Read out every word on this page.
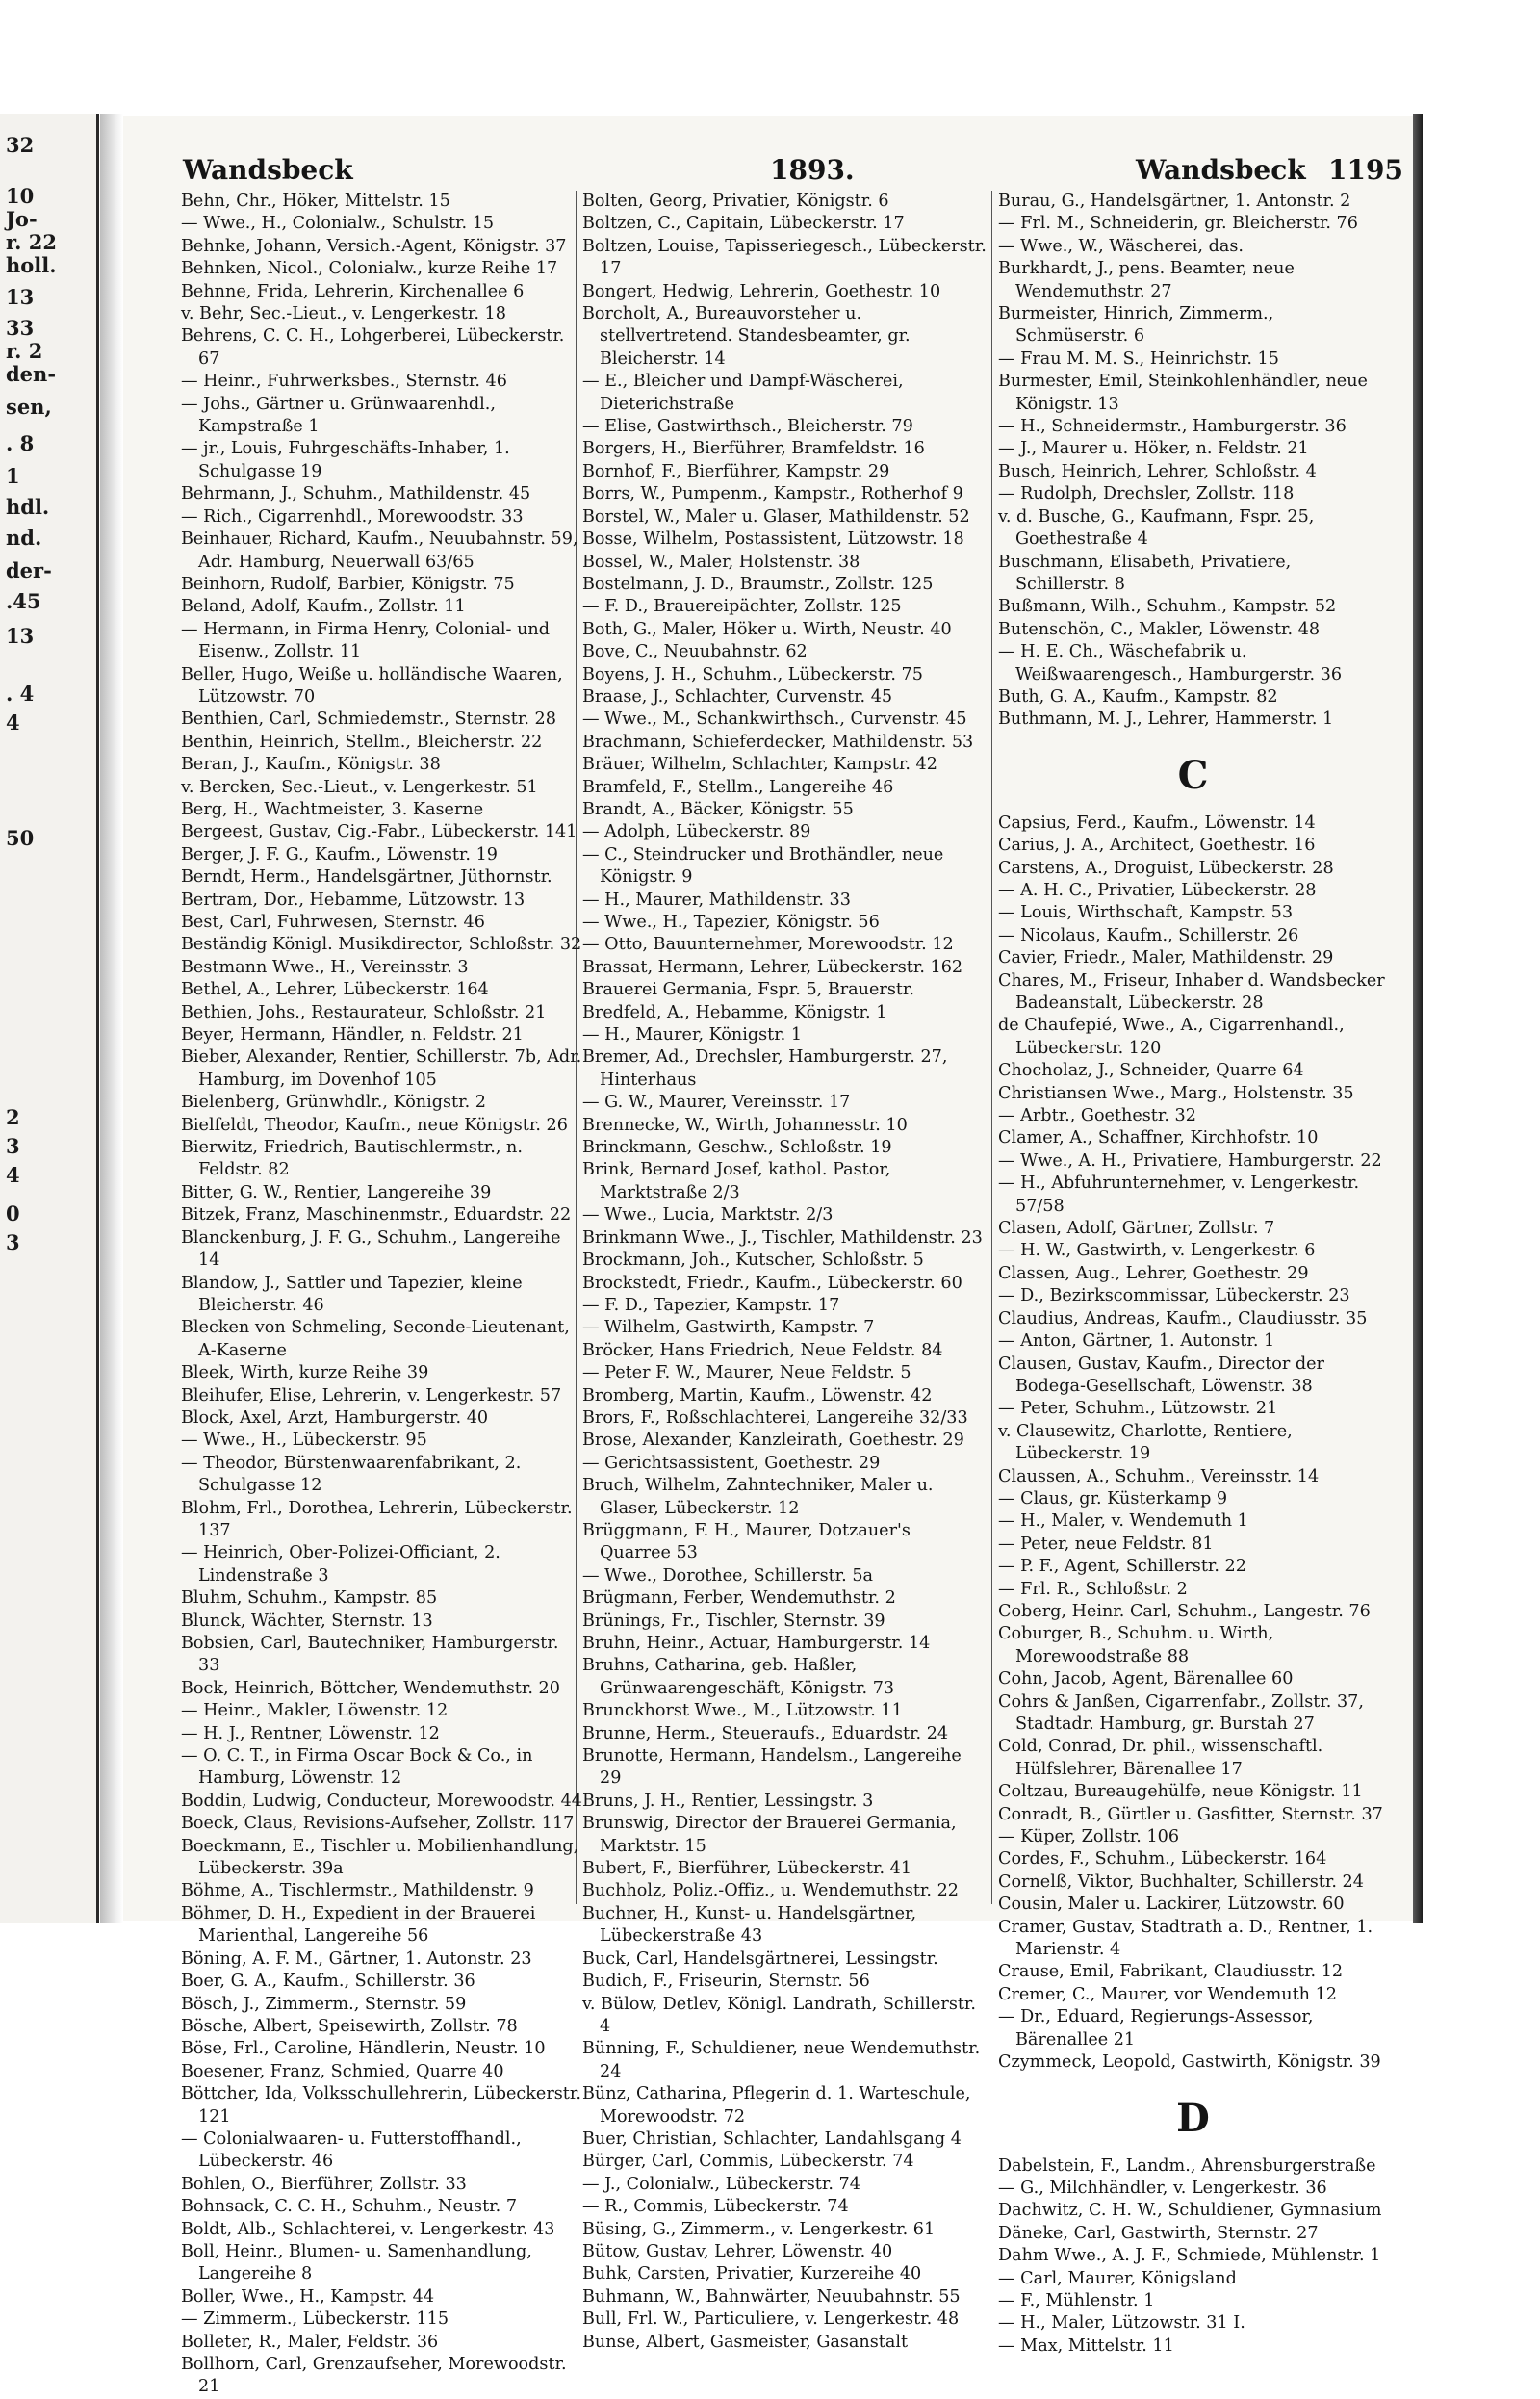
32
10
Jo-
r. 22
holl.
13
33
r. 2
den-
sen,
. 8
1
hdl.
nd.
der-
.45
13
. 4
4
50
2
3
4
0
3
Wandsbeck	1893.	Wandsbeck 1195
Behn, Chr., Höker, Mittelstr. 15
— Wwe., H., Colonialw., Schulstr. 15
Behnke, Johann, Versich.-Agent, Königstr. 37
Behnken, Nicol., Colonialw., kurze Reihe 17
Behnne, Frida, Lehrerin, Kirchenallee 6
v. Behr, Sec.-Lieut., v. Lengerkestr. 18
Behrens, C. C. H., Lohgerberei, Lübeckerstr. 67
— Heinr., Fuhrwerksbes., Sternstr. 46
— Johs., Gärtner u. Grünwaarenhdl., Kampstraße 1
— jr., Louis, Fuhrgeschäfts-Inhaber, 1. Schulgasse 19
Behrmann, J., Schuhm., Mathildenstr. 45
— Rich., Cigarrenhdl., Morewoodstr. 33
Beinhauer, Richard, Kaufm., Neuubahnstr. 59, Adr. Hamburg, Neuerwall 63/65
Beinhorn, Rudolf, Barbier, Königstr. 75
Beland, Adolf, Kaufm., Zollstr. 11
— Hermann, in Firma Henry, Colonial- und Eisenw., Zollstr. 11
Beller, Hugo, Weiße u. holländische Waaren, Lützowstr. 70
Benthien, Carl, Schmiedemstr., Sternstr. 28
Benthin, Heinrich, Stellm., Bleicherstr. 22
Beran, J., Kaufm., Königstr. 38
v. Bercken, Sec.-Lieut., v. Lengerkestr. 51
Berg, H., Wachtmeister, 3. Kaserne
Bergeest, Gustav, Cig.-Fabr., Lübeckerstr. 141
Berger, J. F. G., Kaufm., Löwenstr. 19
Berndt, Herm., Handelsgärtner, Jüthornstr.
Bertram, Dor., Hebamme, Lützowstr. 13
Best, Carl, Fuhrwesen, Sternstr. 46
Beständig Königl. Musikdirector, Schloßstr. 32
Bestmann Wwe., H., Vereinsstr. 3
Bethel, A., Lehrer, Lübeckerstr. 164
Bethien, Johs., Restaurateur, Schloßstr. 21
Beyer, Hermann, Händler, n. Feldstr. 21
Bieber, Alexander, Rentier, Schillerstr. 7b, Adr. Hamburg, im Dovenhof 105
Bielenberg, Grünwhdlr., Königstr. 2
Bielfeldt, Theodor, Kaufm., neue Königstr. 26
Bierwitz, Friedrich, Bautischlermstr., n. Feldstr. 82
Bitter, G. W., Rentier, Langereihe 39
Bitzek, Franz, Maschinenmstr., Eduardstr. 22
Blanckenburg, J. F. G., Schuhm., Langereihe 14
Blandow, J., Sattler und Tapezier, kleine Bleicherstr. 46
Blecken von Schmeling, Seconde-Lieutenant, A-Kaserne
Bleek, Wirth, kurze Reihe 39
Bleihufer, Elise, Lehrerin, v. Lengerkestr. 57
Block, Axel, Arzt, Hamburgerstr. 40
— Wwe., H., Lübeckerstr. 95
— Theodor, Bürstenwaarenfabrikant, 2. Schulgasse 12
Blohm, Frl., Dorothea, Lehrerin, Lübeckerstr. 137
— Heinrich, Ober-Polizei-Officiant, 2. Lindenstraße 3
Bluhm, Schuhm., Kampstr. 85
Blunck, Wächter, Sternstr. 13
Bobsien, Carl, Bautechniker, Hamburgerstr. 33
Bock, Heinrich, Böttcher, Wendemuthstr. 20
— Heinr., Makler, Löwenstr. 12
— H. J., Rentner, Löwenstr. 12
— O. C. T., in Firma Oscar Bock & Co., in Hamburg, Löwenstr. 12
Boddin, Ludwig, Conducteur, Morewoodstr. 44
Boeck, Claus, Revisions-Aufseher, Zollstr. 117
Boeckmann, E., Tischler u. Mobilienhandlung, Lübeckerstr. 39a
Böhme, A., Tischlermstr., Mathildenstr. 9
Böhmer, D. H., Expedient in der Brauerei Marienthal, Langereihe 56
Böning, A. F. M., Gärtner, 1. Autonstr. 23
Boer, G. A., Kaufm., Schillerstr. 36
Bösch, J., Zimmerm., Sternstr. 59
Bösche, Albert, Speisewirth, Zollstr. 78
Böse, Frl., Caroline, Händlerin, Neustr. 10
Boesener, Franz, Schmied, Quarre 40
Böttcher, Ida, Volksschullehrerin, Lübeckerstr. 121
— Colonialwaaren- u. Futterstoffhandl., Lübeckerstr. 46
Bohlen, O., Bierführer, Zollstr. 33
Bohnsack, C. C. H., Schuhm., Neustr. 7
Boldt, Alb., Schlachterei, v. Lengerkestr. 43
Boll, Heinr., Blumen- u. Samenhandlung, Langereihe 8
Boller, Wwe., H., Kampstr. 44
— Zimmerm., Lübeckerstr. 115
Bolleter, R., Maler, Feldstr. 36
Bollhorn, Carl, Grenzaufseher, Morewoodstr. 21
Bolten, Georg, Privatier, Königstr. 6
Boltzen, C., Capitain, Lübeckerstr. 17
Boltzen, Louise, Tapisseriegesch., Lübeckerstr. 17
Bongert, Hedwig, Lehrerin, Goethestr. 10
Borcholt, A., Bureauvorsteher u. stellvertretend. Standesbeamter, gr. Bleicherstr. 14
— E., Bleicher und Dampf-Wäscherei, Dieterichstraße
— Elise, Gastwirthsch., Bleicherstr. 79
Borgers, H., Bierführer, Bramfeldstr. 16
Bornhof, F., Bierführer, Kampstr. 29
Borrs, W., Pumpenm., Kampstr., Rotherhof 9
Borstel, W., Maler u. Glaser, Mathildenstr. 52
Bosse, Wilhelm, Postassistent, Lützowstr. 18
Bossel, W., Maler, Holstenstr. 38
Bostelmann, J. D., Braumstr., Zollstr. 125
— F. D., Brauereipächter, Zollstr. 125
Both, G., Maler, Höker u. Wirth, Neustr. 40
Bove, C., Neuubahnstr. 62
Boyens, J. H., Schuhm., Lübeckerstr. 75
Braase, J., Schlachter, Curvenstr. 45
— Wwe., M., Schankwirthsch., Curvenstr. 45
Brachmann, Schieferdecker, Mathildenstr. 53
Bräuer, Wilhelm, Schlachter, Kampstr. 42
Bramfeld, F., Stellm., Langereihe 46
Brandt, A., Bäcker, Königstr. 55
— Adolph, Lübeckerstr. 89
— C., Steindrucker und Brothändler, neue Königstr. 9
— H., Maurer, Mathildenstr. 33
— Wwe., H., Tapezier, Königstr. 56
— Otto, Bauunternehmer, Morewoodstr. 12
Brassat, Hermann, Lehrer, Lübeckerstr. 162
Brauerei Germania, Fspr. 5, Brauerstr.
Bredfeld, A., Hebamme, Königstr. 1
— H., Maurer, Königstr. 1
Bremer, Ad., Drechsler, Hamburgerstr. 27, Hinterhaus
— G. W., Maurer, Vereinsstr. 17
Brennecke, W., Wirth, Johannesstr. 10
Brinckmann, Geschw., Schloßstr. 19
Brink, Bernard Josef, kathol. Pastor, Marktstraße 2/3
— Wwe., Lucia, Marktstr. 2/3
Brinkmann Wwe., J., Tischler, Mathildenstr. 23
Brockmann, Joh., Kutscher, Schloßstr. 5
Brockstedt, Friedr., Kaufm., Lübeckerstr. 60
— F. D., Tapezier, Kampstr. 17
— Wilhelm, Gastwirth, Kampstr. 7
Bröcker, Hans Friedrich, Neue Feldstr. 84
— Peter F. W., Maurer, Neue Feldstr. 5
Bromberg, Martin, Kaufm., Löwenstr. 42
Brors, F., Roßschlachterei, Langereihe 32/33
Brose, Alexander, Kanzleirath, Goethestr. 29
— Gerichtsassistent, Goethestr. 29
Bruch, Wilhelm, Zahntechniker, Maler u. Glaser, Lübeckerstr. 12
Brüggmann, F. H., Maurer, Dotzauer's Quarree 53
— Wwe., Dorothee, Schillerstr. 5a
Brügmann, Ferber, Wendemuthstr. 2
Brünings, Fr., Tischler, Sternstr. 39
Bruhn, Heinr., Actuar, Hamburgerstr. 14
Bruhns, Catharina, geb. Haßler, Grünwaarengeschäft, Königstr. 73
Brunckhorst Wwe., M., Lützowstr. 11
Brunne, Herm., Steueraufs., Eduardstr. 24
Brunotte, Hermann, Handelsm., Langereihe 29
Bruns, J. H., Rentier, Lessingstr. 3
Brunswig, Director der Brauerei Germania, Marktstr. 15
Bubert, F., Bierführer, Lübeckerstr. 41
Buchholz, Poliz.-Offiz., u. Wendemuthstr. 22
Buchner, H., Kunst- u. Handelsgärtner, Lübeckerstraße 43
Buck, Carl, Handelsgärtnerei, Lessingstr.
Budich, F., Friseurin, Sternstr. 56
v. Bülow, Detlev, Königl. Landrath, Schillerstr. 4
Bünning, F., Schuldiener, neue Wendemuthstr. 24
Bünz, Catharina, Pflegerin d. 1. Warteschule, Morewoodstr. 72
Buer, Christian, Schlachter, Landahlsgang 4
Bürger, Carl, Commis, Lübeckerstr. 74
— J., Colonialw., Lübeckerstr. 74
— R., Commis, Lübeckerstr. 74
Büsing, G., Zimmerm., v. Lengerkestr. 61
Bütow, Gustav, Lehrer, Löwenstr. 40
Buhk, Carsten, Privatier, Kurzereihe 40
Buhmann, W., Bahnwärter, Neuubahnstr. 55
Bull, Frl. W., Particuliere, v. Lengerkestr. 48
Bunse, Albert, Gasmeister, Gasanstalt
Burau, G., Handelsgärtner, 1. Antonstr. 2
— Frl. M., Schneiderin, gr. Bleicherstr. 76
— Wwe., W., Wäscherei, das.
Burkhardt, J., pens. Beamter, neue Wendemuthstr. 27
Burmeister, Hinrich, Zimmerm., Schmüserstr. 6
— Frau M. M. S., Heinrichstr. 15
Burmester, Emil, Steinkohlenhändler, neue Königstr. 13
— H., Schneidermstr., Hamburgerstr. 36
— J., Maurer u. Höker, n. Feldstr. 21
Busch, Heinrich, Lehrer, Schloßstr. 4
— Rudolph, Drechsler, Zollstr. 118
v. d. Busche, G., Kaufmann, Fspr. 25, Goethestraße 4
Buschmann, Elisabeth, Privatiere, Schillerstr. 8
Bußmann, Wilh., Schuhm., Kampstr. 52
Butenschön, C., Makler, Löwenstr. 48
— H. E. Ch., Wäschefabrik u. Weißwaarengesch., Hamburgerstr. 36
Buth, G. A., Kaufm., Kampstr. 82
Buthmann, M. J., Lehrer, Hammerstr. 1
C
Capsius, Ferd., Kaufm., Löwenstr. 14
Carius, J. A., Architect, Goethestr. 16
Carstens, A., Droguist, Lübeckerstr. 28
— A. H. C., Privatier, Lübeckerstr. 28
— Louis, Wirthschaft, Kampstr. 53
— Nicolaus, Kaufm., Schillerstr. 26
Cavier, Friedr., Maler, Mathildenstr. 29
Chares, M., Friseur, Inhaber d. Wandsbecker Badeanstalt, Lübeckerstr. 28
de Chaufepié, Wwe., A., Cigarrenhandl., Lübeckerstr. 120
Chocholaz, J., Schneider, Quarre 64
Christiansen Wwe., Marg., Holstenstr. 35
— Arbtr., Goethestr. 32
Clamer, A., Schaffner, Kirchhofstr. 10
— Wwe., A. H., Privatiere, Hamburgerstr. 22
— H., Abfuhrunternehmer, v. Lengerkestr. 57/58
Clasen, Adolf, Gärtner, Zollstr. 7
— H. W., Gastwirth, v. Lengerkestr. 6
Classen, Aug., Lehrer, Goethestr. 29
— D., Bezirkscommissar, Lübeckerstr. 23
Claudius, Andreas, Kaufm., Claudiusstr. 35
— Anton, Gärtner, 1. Autonstr. 1
Clausen, Gustav, Kaufm., Director der Bodega-Gesellschaft, Löwenstr. 38
— Peter, Schuhm., Lützowstr. 21
v. Clausewitz, Charlotte, Rentiere, Lübeckerstr. 19
Claussen, A., Schuhm., Vereinsstr. 14
— Claus, gr. Küsterkamp 9
— H., Maler, v. Wendemuth 1
— Peter, neue Feldstr. 81
— P. F., Agent, Schillerstr. 22
— Frl. R., Schloßstr. 2
Coberg, Heinr. Carl, Schuhm., Langestr. 76
Coburger, B., Schuhm. u. Wirth, Morewoodstraße 88
Cohn, Jacob, Agent, Bärenallee 60
Cohrs & Janßen, Cigarrenfabr., Zollstr. 37, Stadtadr. Hamburg, gr. Burstah 27
Cold, Conrad, Dr. phil., wissenschaftl. Hülfslehrer, Bärenallee 17
Coltzau, Bureaugehülfe, neue Königstr. 11
Conradt, B., Gürtler u. Gasfitter, Sternstr. 37
— Küper, Zollstr. 106
Cordes, F., Schuhm., Lübeckerstr. 164
Cornelß, Viktor, Buchhalter, Schillerstr. 24
Cousin, Maler u. Lackirer, Lützowstr. 60
Cramer, Gustav, Stadtrath a. D., Rentner, 1. Marienstr. 4
Crause, Emil, Fabrikant, Claudiusstr. 12
Cremer, C., Maurer, vor Wendemuth 12
— Dr., Eduard, Regierungs-Assessor, Bärenallee 21
Czymmeck, Leopold, Gastwirth, Königstr. 39
D
Dabelstein, F., Landm., Ahrensburgerstraße
— G., Milchhändler, v. Lengerkestr. 36
Dachwitz, C. H. W., Schuldiener, Gymnasium
Däneke, Carl, Gastwirth, Sternstr. 27
Dahm Wwe., A. J. F., Schmiede, Mühlenstr. 1
— Carl, Maurer, Königsland
— F., Mühlenstr. 1
— H., Maler, Lützowstr. 31 I.
— Max, Mittelstr. 11
